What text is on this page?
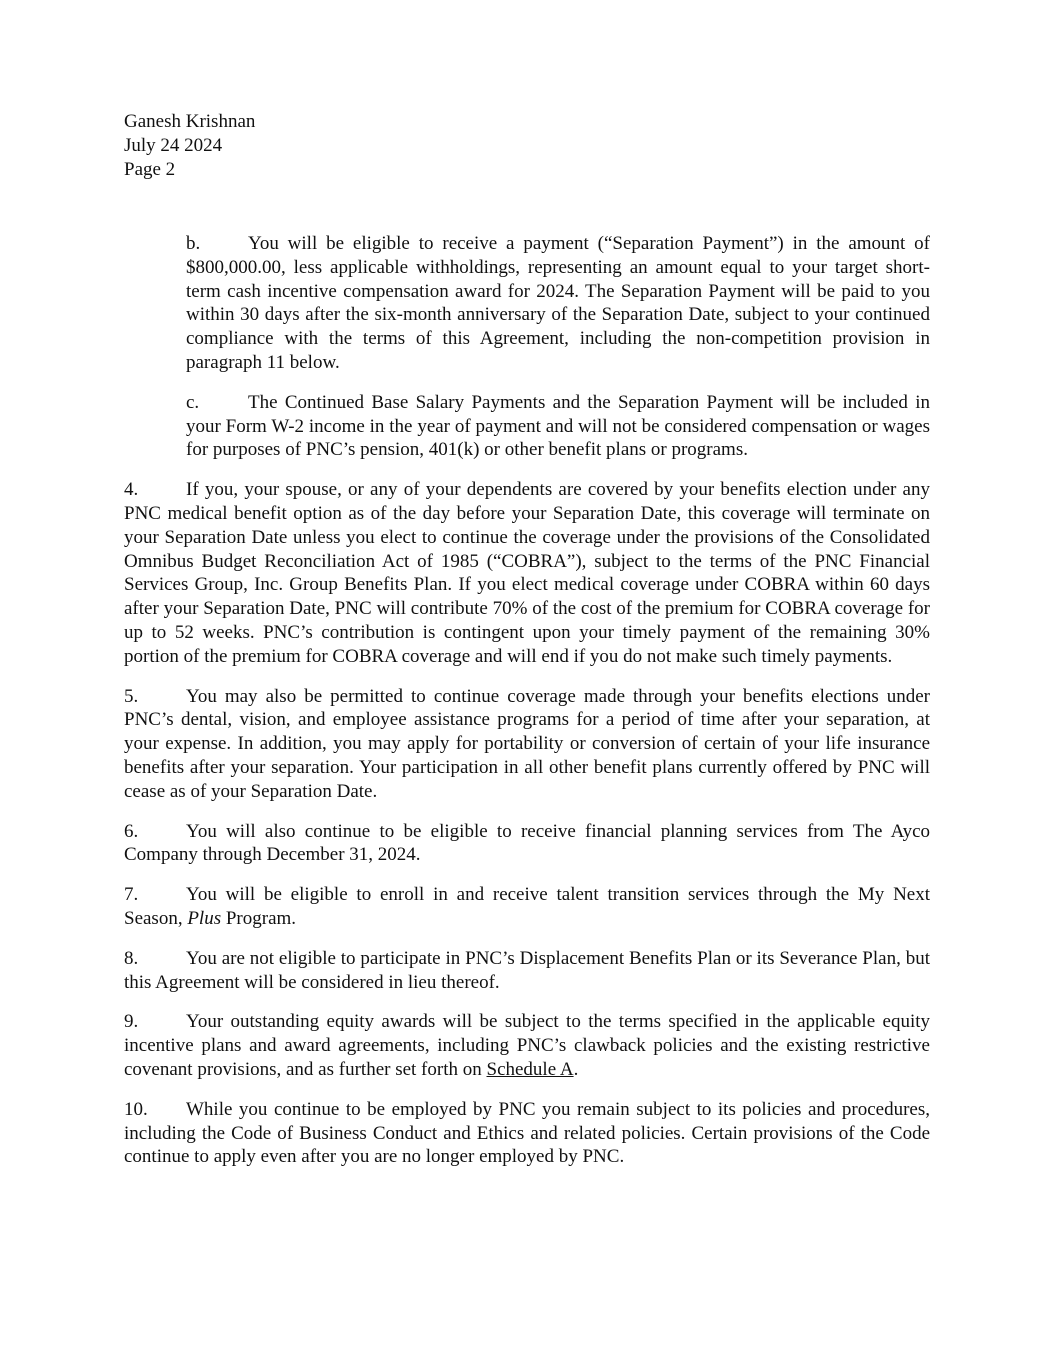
Ganesh Krishnan
July 24 2024
Page 2

b.	You will be eligible to receive a payment (“Separation Payment”) in the amount of $800,000.00, less applicable withholdings, representing an amount equal to your target short-term cash incentive compensation award for 2024. The Separation Payment will be paid to you within 30 days after the six-month anniversary of the Separation Date, subject to your continued compliance with the terms of this Agreement, including the non-competition provision in paragraph 11 below.

c.	The Continued Base Salary Payments and the Separation Payment will be included in your Form W-2 income in the year of payment and will not be considered compensation or wages for purposes of PNC’s pension, 401(k) or other benefit plans or programs.

4.	If you, your spouse, or any of your dependents are covered by your benefits election under any PNC medical benefit option as of the day before your Separation Date, this coverage will terminate on your Separation Date unless you elect to continue the coverage under the provisions of the Consolidated Omnibus Budget Reconciliation Act of 1985 (“COBRA”), subject to the terms of the PNC Financial Services Group, Inc. Group Benefits Plan. If you elect medical coverage under COBRA within 60 days after your Separation Date, PNC will contribute 70% of the cost of the premium for COBRA coverage for up to 52 weeks. PNC’s contribution is contingent upon your timely payment of the remaining 30% portion of the premium for COBRA coverage and will end if you do not make such timely payments.

5.	You may also be permitted to continue coverage made through your benefits elections under PNC’s dental, vision, and employee assistance programs for a period of time after your separation, at your expense. In addition, you may apply for portability or conversion of certain of your life insurance benefits after your separation. Your participation in all other benefit plans currently offered by PNC will cease as of your Separation Date.

6.	You will also continue to be eligible to receive financial planning services from The Ayco Company through December 31, 2024.

7.	You will be eligible to enroll in and receive talent transition services through the My Next Season, Plus Program.

8.	You are not eligible to participate in PNC’s Displacement Benefits Plan or its Severance Plan, but this Agreement will be considered in lieu thereof.

9.	Your outstanding equity awards will be subject to the terms specified in the applicable equity incentive plans and award agreements, including PNC’s clawback policies and the existing restrictive covenant provisions, and as further set forth on Schedule A.

10. While you continue to be employed by PNC you remain subject to its policies and procedures, including the Code of Business Conduct and Ethics and related policies. Certain provisions of the Code continue to apply even after you are no longer employed by PNC.
